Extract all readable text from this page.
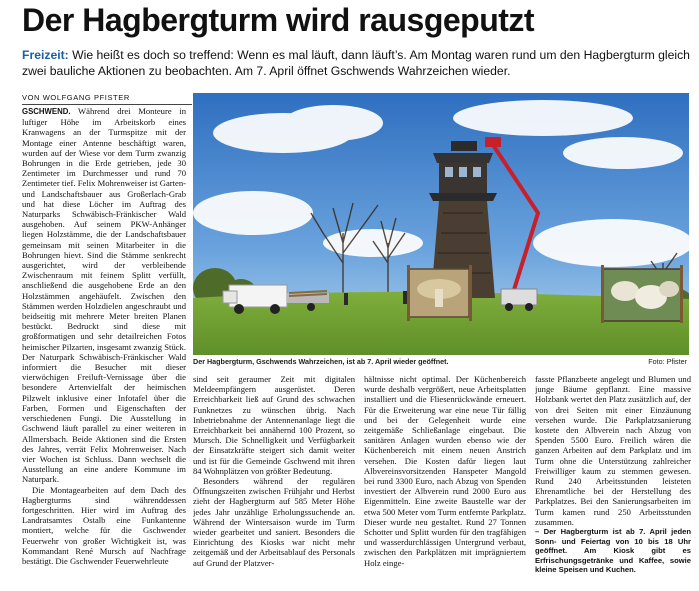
Der Hagbergturm wird rausgeputzt

Freizeit: Wie heißt es doch so treffend: Wenn es mal läuft, dann läuft’s. Am Montag waren rund um den Hagbergturm gleich zwei bauliche Aktionen zu beobachten. Am 7. April öffnet Gschwends Wahrzeichen wieder.

VON WOLFGANG PFISTER
Der Hagbergturm, Gschwends Wahrzeichen, ist ab 7. April wieder geöffnet.	Foto: Pfister

GSCHWEND. Während drei Monteure in luftiger Höhe im Arbeitskorb eines Kranwagens an der Turmspitze mit der Montage einer Antenne beschäftigt waren, wurden auf der Wiese vor dem Turm zwanzig Bohrungen in die Erde getrieben, jede 30 Zentimeter im Durchmesser und rund 70 Zentimeter tief. Felix Mohrenweiser ist Garten- und Landschaftsbauer aus Großerlach-Grab und hat diese Löcher im Auftrag des Naturparks Schwäbisch-Fränkischer Wald ausgehoben. Auf seinem PKW-Anhänger liegen Holzstämme, die der Landschaftsbauer gemeinsam mit seinen Mitarbeiter in die Bohrungen hievt. Sind die Stämme senkrecht ausgerichtet, wird der verbleibende Zwischenraum mit feinem Splitt verfüllt, anschließend die ausgehobene Erde an den Holzstämmen angehäufelt. Zwischen den Stämmen werden Holzdielen angeschraubt und beidseitig mit mehrere Meter breiten Planen bestückt. Bedruckt sind diese mit großformatigen und sehr detailreichen Fotos heimischer Pilzarten, insgesamt zwanzig Stück. Der Naturpark Schwäbisch-Fränkischer Wald informiert die Besucher mit dieser vierwöchigen Freiluft-Vernissage über die besondere Artenvielfalt der heimischen Pilzwelt inklusive einer Infotafel über die Farben, Formen und Eigenschaften der verschiedenen Fungi. Die Ausstellung in Gschwend läuft parallel zu einer weiteren in Allmersbach. Beide Aktionen sind die Ersten des Jahres, verrät Felix Mohrenweiser. Nach vier Wochen ist Schluss. Dann wechselt die Ausstellung an eine andere Kommune im Naturpark.

Die Montagearbeiten auf dem Dach des Hagbergturms sind währenddessen fortgeschritten. Hier wird im Auftrag des Landratsamtes Ostalb eine Funkantenne montiert, welche für die Gschwender Feuerwehr von großer Wichtigkeit ist, was Kommandant René Mursch auf Nachfrage bestätigt. Die Gschwender Feuerwehrleute

sind seit geraumer Zeit mit digitalen Meldeempfängern ausgerüstet. Deren Erreichbarkeit ließ auf Grund des schwachen Funknetzes zu wünschen übrig. Nach Inbetriebnahme der Antennenanlage liegt die Erreichbarkeit bei annähernd 100 Prozent, so Mursch. Die Schnelligkeit und Verfügbarkeit der Einsatzkräfte steigert sich damit weiter und ist für die Gemeinde Gschwend mit ihren 84 Wohnplätzen von größter Bedeutung.

Besonders während der regulären Öffnungszeiten zwischen Frühjahr und Herbst zieht der Hagbergturm auf 585 Meter Höhe jedes Jahr unzählige Erholungssuchende an. Während der Wintersaison wurde im Turm wieder gearbeitet und saniert. Besonders die Einrichtung des Kiosks war nicht mehr zeitgemäß und der Arbeitsablauf des Personals auf Grund der Platzver-

hältnisse nicht optimal. Der Küchenbereich wurde deshalb vergrößert, neue Arbeitsplatten installiert und die Fliesenrückwände erneuert. Für die Erweiterung war eine neue Tür fällig und bei der Gelegenheit wurde eine zeitgemäße Schließanlage eingebaut. Die sanitären Anlagen wurden ebenso wie der Küchenbereich mit einem neuen Anstrich versehen. Die Kosten dafür liegen laut Albvereinsvorsitzenden Hanspeter Mangold bei rund 3300 Euro, nach Abzug von Spenden investiert der Albverein rund 2000 Euro aus Eigenmitteln. Eine zweite Baustelle war der etwa 500 Meter vom Turm entfernte Parkplatz. Dieser wurde neu gestaltet. Rund 27 Tonnen Schotter und Splitt wurden für den tragfähigen und wasserdurchlässigen Untergrund verbaut, zwischen den Parkplätzen mit imprägniertem Holz einge-

fasste Pflanzbeete angelegt und Blumen und junge Bäume gepflanzt. Eine massive Holzbank wertet den Platz zusätzlich auf, der von drei Seiten mit einer Einzäunung versehen wurde. Die Parkplatzsanierung kostete den Albverein nach Abzug von Spenden 5500 Euro. Freilich wären die ganzen Arbeiten auf dem Parkplatz und im Turm ohne die Unterstützung zahlreicher Freiwilliger kaum zu stemmen gewesen. Rund 240 Arbeitsstunden leisteten Ehrenamtliche bei der Herstellung des Parkplatzes. Bei den Sanierungsarbeiten im Turm kamen rund 250 Arbeitsstunden zusammen.

– Der Hagbergturm ist ab 7. April jeden Sonn- und Feiertag von 10 bis 18 Uhr geöffnet. Am Kiosk gibt es Erfrischungsgetränke und Kaffee, sowie kleine Speisen und Kuchen.
